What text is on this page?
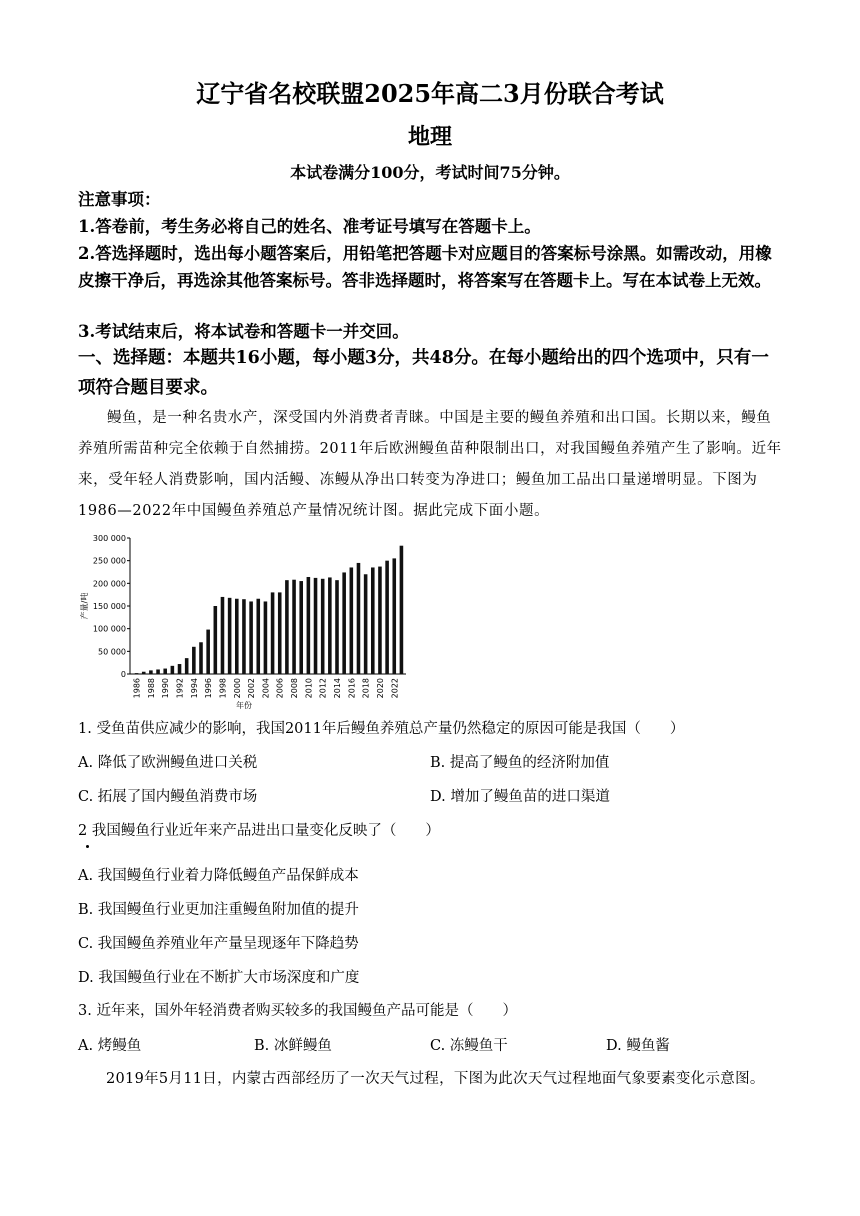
辽宁省名校联盟2025年高二3月份联合考试
地理
本试卷满分100分，考试时间75分钟。
注意事项：
1.答卷前，考生务必将自己的姓名、准考证号填写在答题卡上。
2.答选择题时，选出每小题答案后，用铅笔把答题卡对应题目的答案标号涂黑。如需改动，用橡皮擦干净后，再选涂其他答案标号。答非选择题时，将答案写在答题卡上。写在本试卷上无效。
3.考试结束后，将本试卷和答题卡一并交回。
一、选择题：本题共16小题，每小题3分，共48分。在每小题给出的四个选项中，只有一项符合题目要求。
鳗鱼，是一种名贵水产，深受国内外消费者青睐。中国是主要的鳗鱼养殖和出口国。长期以来，鳗鱼养殖所需苗种完全依赖于自然捕捞。2011年后欧洲鳗鱼苗种限制出口，对我国鳗鱼养殖产生了影响。近年来，受年轻人消费影响，国内活鳗、冻鳗从净出口转变为净进口；鳗鱼加工品出口量递增明显。下图为1986—2022年中国鳗鱼养殖总产量情况统计图。据此完成下面小题。
300 000
250 000
200 000
150 000
100 000
50 000
0
产量/吨
1986 1988 1990 1992 1994 1996 1998 2000 2002 2004 2006 2008 2010 2012 2014 2016 2018 2020 2022
年份
1. 受鱼苗供应减少的影响，我国2011年后鳗鱼养殖总产量仍然稳定的原因可能是我国（　　）
A. 降低了欧洲鳗鱼进口关税	B. 提高了鳗鱼的经济附加值
C. 拓展了国内鳗鱼消费市场	D. 增加了鳗鱼苗的进口渠道
2 我国鳗鱼行业近年来产品进出口量变化反映了（　　）
A. 我国鳗鱼行业着力降低鳗鱼产品保鲜成本
B. 我国鳗鱼行业更加注重鳗鱼附加值的提升
C. 我国鳗鱼养殖业年产量呈现逐年下降趋势
D. 我国鳗鱼行业在不断扩大市场深度和广度
3. 近年来，国外年轻消费者购买较多的我国鳗鱼产品可能是（　　）
A. 烤鳗鱼	B. 冰鲜鳗鱼	C. 冻鳗鱼干	D. 鳗鱼酱
2019年5月11日，内蒙古西部经历了一次天气过程，下图为此次天气过程地面气象要素变化示意图。
